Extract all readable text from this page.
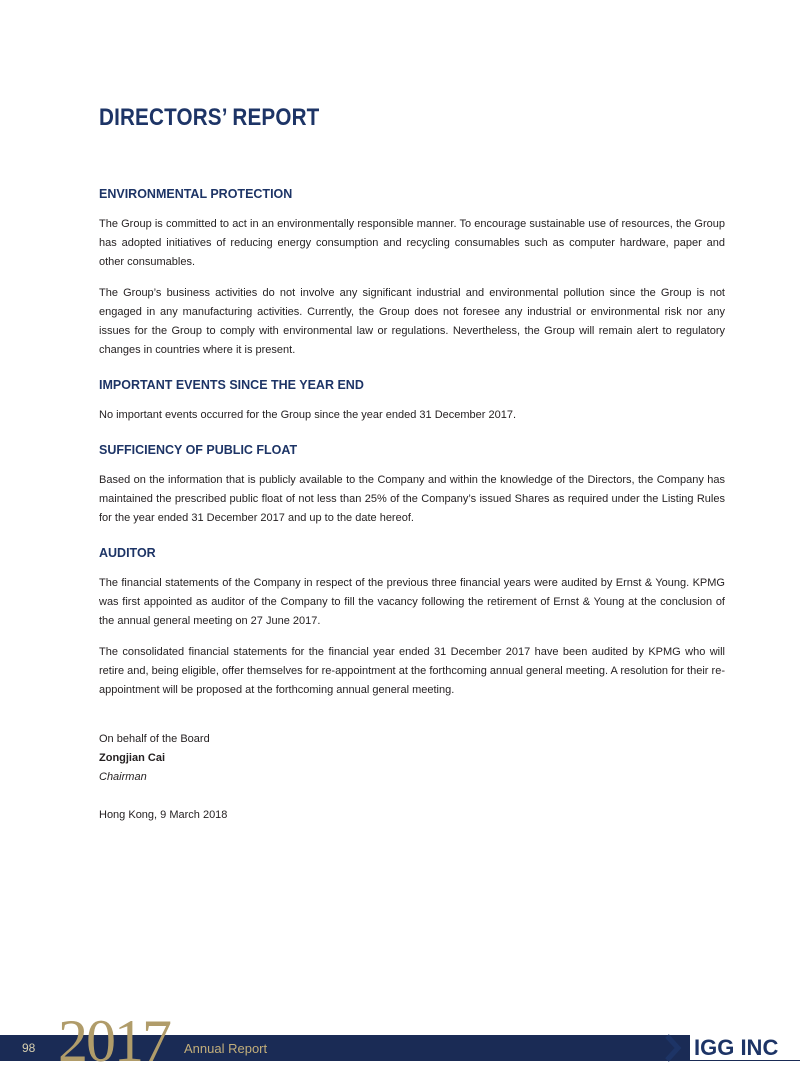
DIRECTORS’ REPORT
ENVIRONMENTAL PROTECTION

The Group is committed to act in an environmentally responsible manner. To encourage sustainable use of resources, the Group has adopted initiatives of reducing energy consumption and recycling consumables such as computer hardware, paper and other consumables.

The Group’s business activities do not involve any significant industrial and environmental pollution since the Group is not engaged in any manufacturing activities. Currently, the Group does not foresee any industrial or environmental risk nor any issues for the Group to comply with environmental law or regulations. Nevertheless, the Group will remain alert to regulatory changes in countries where it is present.

IMPORTANT EVENTS SINCE THE YEAR END

No important events occurred for the Group since the year ended 31 December 2017.

SUFFICIENCY OF PUBLIC FLOAT

Based on the information that is publicly available to the Company and within the knowledge of the Directors, the Company has maintained the prescribed public float of not less than 25% of the Company’s issued Shares as required under the Listing Rules for the year ended 31 December 2017 and up to the date hereof.

AUDITOR

The financial statements of the Company in respect of the previous three financial years were audited by Ernst & Young. KPMG was first appointed as auditor of the Company to fill the vacancy following the retirement of Ernst & Young at the conclusion of the annual general meeting on 27 June 2017.

The consolidated financial statements for the financial year ended 31 December 2017 have been audited by KPMG who will retire and, being eligible, offer themselves for re-appointment at the forthcoming annual general meeting. A resolution for their re-appointment will be proposed at the forthcoming annual general meeting.

On behalf of the Board
Zongjian Cai
Chairman
Hong Kong, 9 March 2018
98 2017 Annual Report	IGG INC
